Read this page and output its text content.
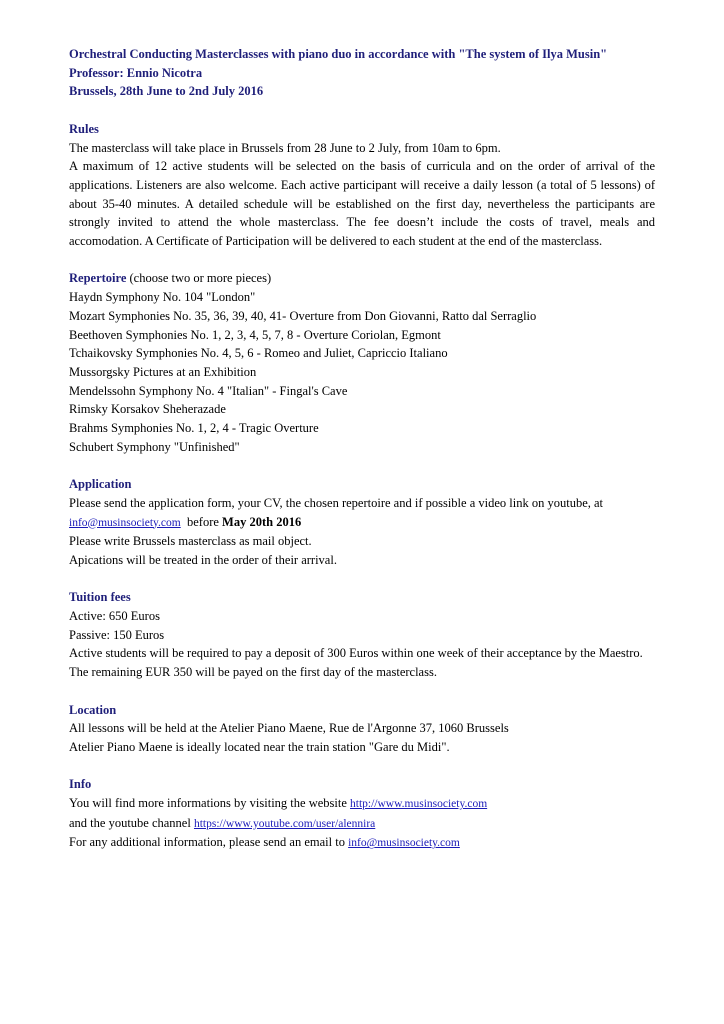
Orchestral Conducting Masterclasses with piano duo in accordance with "The system of Ilya Musin"
Professor: Ennio Nicotra
Brussels, 28th June to 2nd July 2016
Rules
The masterclass will take place in Brussels from 28 June to 2 July, from 10am to 6pm.
A maximum of 12 active students will be selected on the basis of curricula and on the order of arrival of the applications. Listeners are also welcome. Each active participant will receive a daily lesson (a total of 5 lessons) of about 35-40 minutes. A detailed schedule will be established on the first day, nevertheless the participants are strongly invited to attend the whole masterclass. The fee doesn’t include the costs of travel, meals and accomodation. A Certificate of Participation will be delivered to each student at the end of the masterclass.
Repertoire (choose two or more pieces)
Haydn Symphony No. 104 "London"
Mozart Symphonies No. 35, 36, 39, 40, 41- Overture from Don Giovanni, Ratto dal Serraglio
Beethoven Symphonies No. 1, 2, 3, 4, 5, 7, 8 - Overture Coriolan, Egmont
Tchaikovsky Symphonies No. 4, 5, 6 - Romeo and Juliet, Capriccio Italiano
Mussorgsky Pictures at an Exhibition
Mendelssohn Symphony No. 4 "Italian" - Fingal's Cave
Rimsky Korsakov Sheherazade
Brahms Symphonies No. 1, 2, 4 - Tragic Overture
Schubert Symphony "Unfinished"
Application
Please send the application form, your CV, the chosen repertoire and if possible a video link on youtube, at
info@musinsociety.com  before May 20th 2016
Please write Brussels masterclass as mail object.
Apications will be treated in the order of their arrival.
Tuition fees
Active: 650 Euros
Passive: 150 Euros
Active students will be required to pay a deposit of 300 Euros within one week of their acceptance by the Maestro.
The remaining EUR 350 will be payed on the first day of the masterclass.
Location
All lessons will be held at the Atelier Piano Maene, Rue de l'Argonne 37, 1060 Brussels
Atelier Piano Maene is ideally located near the train station "Gare du Midi".
Info
You will find more informations by visiting the website http://www.musinsociety.com
and the youtube channel https://www.youtube.com/user/alennira
For any additional information, please send an email to info@musinsociety.com
